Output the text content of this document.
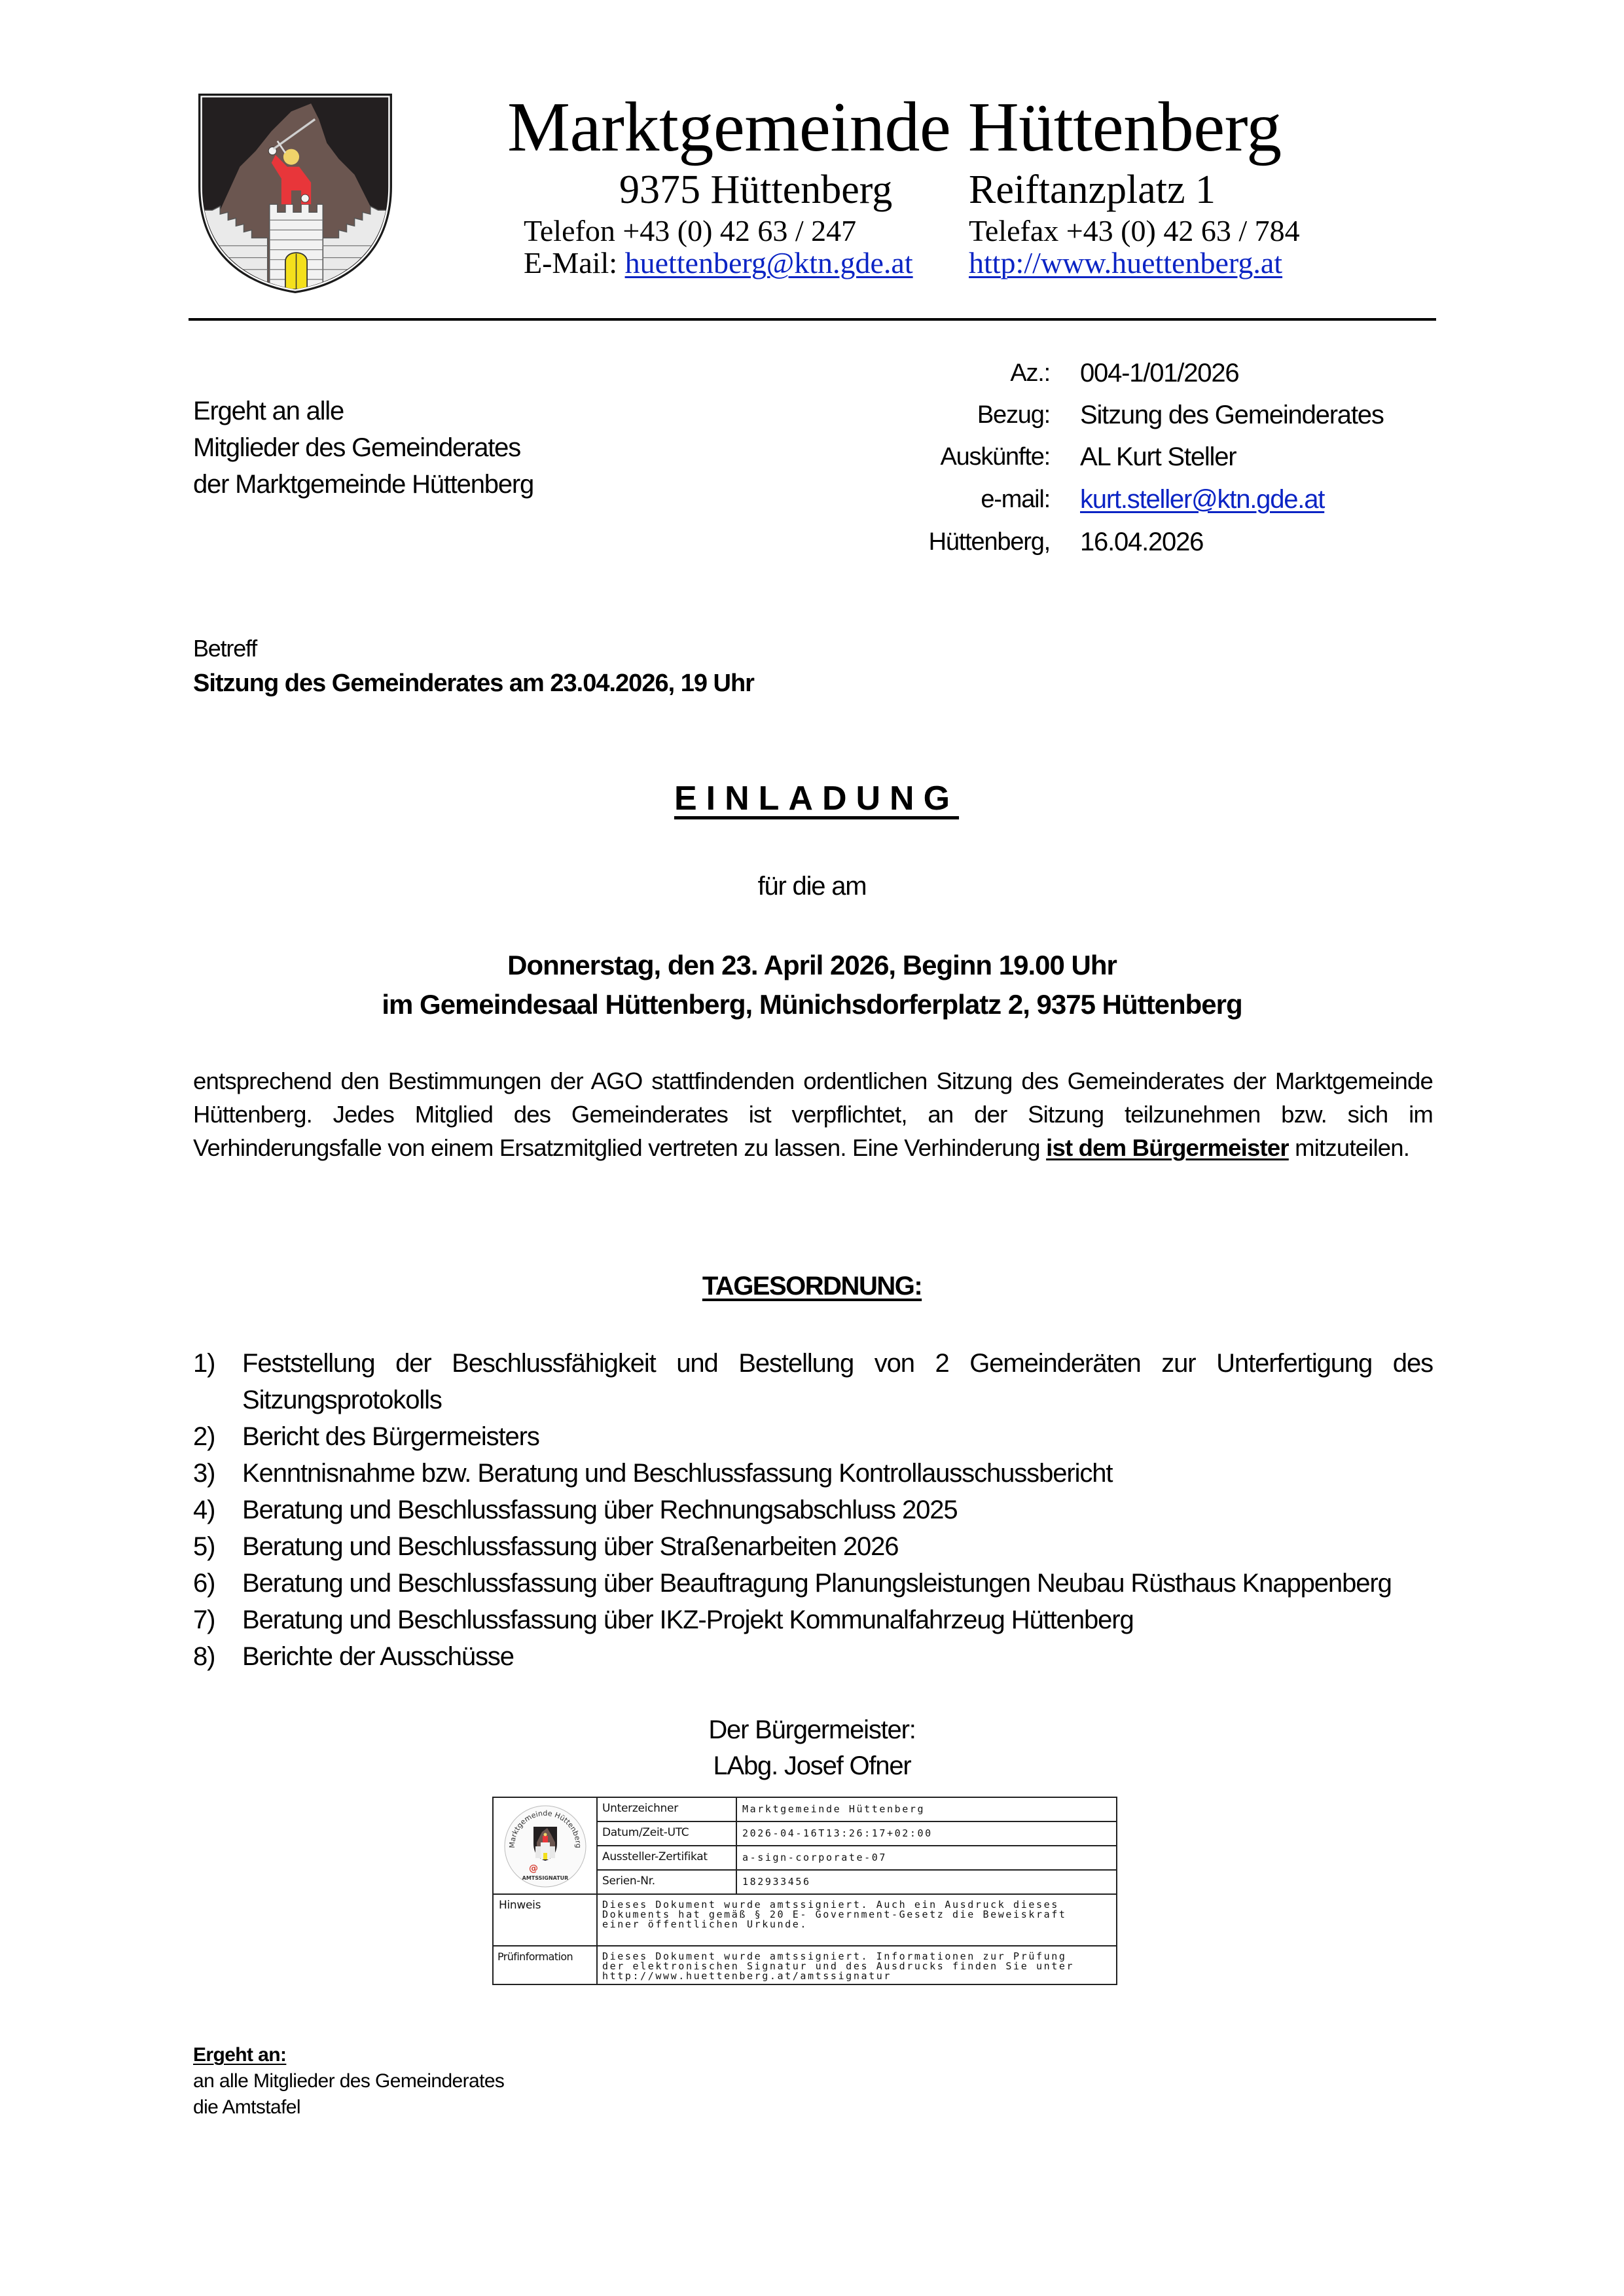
Marktgemeinde Hüttenberg
9375 Hüttenberg Reiftanzplatz 1
Telefon +43 (0) 42 63 / 247	Telefax +43 (0) 42 63 / 784
E-Mail: huettenberg@ktn.gde.at http://www.huettenberg.at
Ergeht an alle
Mitglieder des Gemeinderates
der Marktgemeinde Hüttenberg
Az.: 004-1/01/2026
Bezug: Sitzung des Gemeinderates
Auskünfte: AL Kurt Steller
e-mail: kurt.steller@ktn.gde.at
Hüttenberg, 16.04.2026
Betreff
Sitzung des Gemeinderates am 23.04.2026, 19 Uhr
EINLADUNG
für die am
Donnerstag, den 23. April 2026, Beginn 19.00 Uhr
im Gemeindesaal Hüttenberg, Münichsdorferplatz 2, 9375 Hüttenberg
entsprechend den Bestimmungen der AGO stattfindenden ordentlichen Sitzung des Gemeinderates der Marktgemeinde Hüttenberg. Jedes Mitglied des Gemeinderates ist verpflichtet, an der Sitzung teilzunehmen bzw. sich im Verhinderungsfalle von einem Ersatzmitglied vertreten zu lassen. Eine Verhinderung ist dem Bürgermeister mitzuteilen.
TAGESORDNUNG:
1) Feststellung der Beschlussfähigkeit und Bestellung von 2 Gemeinderäten zur Unterfertigung des Sitzungsprotokolls
2) Bericht des Bürgermeisters
3) Kenntnisnahme bzw. Beratung und Beschlussfassung Kontrollausschussbericht
4) Beratung und Beschlussfassung über Rechnungsabschluss 2025
5) Beratung und Beschlussfassung über Straßenarbeiten 2026
6) Beratung und Beschlussfassung über Beauftragung Planungsleistungen Neubau Rüsthaus Knappenberg
7) Beratung und Beschlussfassung über IKZ-Projekt Kommunalfahrzeug Hüttenberg
8) Berichte der Ausschüsse
Der Bürgermeister:
LAbg. Josef Ofner
Marktgemeinde Hüttenberg
@
AMTSSIGNATUR
Unterzeichner	Marktgemeinde Hüttenberg
Datum/Zeit-UTC	2026-04-16T13:26:17+02:00
Aussteller-Zertifikat	a-sign-corporate-07
Serien-Nr.	182933456
Hinweis	Dieses Dokument wurde amtssigniert. Auch ein Ausdruck dieses
Dokuments hat gemäß § 20 E- Government-Gesetz die Beweiskraft
einer öffentlichen Urkunde.
Prüfinformation	Dieses Dokument wurde amtssigniert. Informationen zur Prüfung
der elektronischen Signatur und des Ausdrucks finden Sie unter
http://www.huettenberg.at/amtssignatur
Ergeht an:
an alle Mitglieder des Gemeinderates
die Amtstafel
